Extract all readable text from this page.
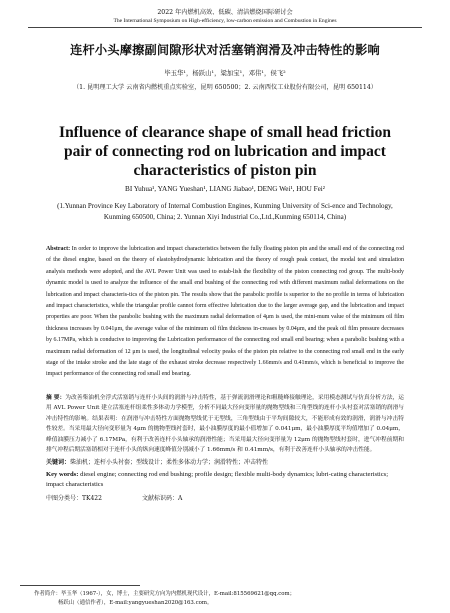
2022 年内燃机高效、低碳、清洁燃烧国际研讨会
The International Symposium on High-efficiency, low-carbon emission and Combustion in Engines
连杆小头摩擦副间隙形状对活塞销润滑及冲击特性的影响
毕玉华¹，杨跃山¹，粱加宝¹，邓伟¹，侯飞²
（1. 昆明理工大学 云南省内燃机重点实验室，昆明 650500；2. 云南西仪工业股份有限公司，昆明 650114）
Influence of clearance shape of small head friction pair of connecting rod on lubrication and impact characteristics of piston pin
BI Yuhua¹, YANG Yueshan¹, LIANG Jiabao¹, DENG Wei¹, HOU Fei²
(1.Yunnan Province Key Laboratory of Internal Combustion Engines, Kunming University of Sci-ence and Technology, Kunming 650500, China; 2. Yunnan Xiyi Industrial Co.,Ltd.,Kunming 650114, China)
Abstract: In order to improve the lubrication and impact characteristics between the fully floating piston pin and the small end of the connecting rod of the diesel engine, based on the theory of elastohydrodynamic lubrication and the theory of rough peak contact, the modal test and simulation analysis methods were adopted, and the AVL Power Unit was used to estab-lish the flexibility of the piston connecting rod group. The multi-body dynamic model is used to analyze the influence of the small end bushing of the connecting rod with different maximum radial deformations on the lubrication and impact characteris-tics of the piston pin. The results show that the parabolic profile is superior to the no profile in terms of lubrication and impact characteristics, while the triangular profile cannot form effective lubrication due to the larger average gap, and the lubrication and impact properties are poor. When the parabolic bushing with the maximum radial deformation of 4μm is used, the mini-mum value of the minimum oil film thickness increases by 0.041μm, the average value of the minimum oil film thickness in-creases by 0.04μm, and the peak oil film pressure decreases by 6.17MPa, which is conducive to improving the Lubrication performance of the connecting rod small end bearing; when a parabolic bushing with a maximum radial deformation of 12 μm is used, the longitudinal velocity peaks of the piston pin relative to the connecting rod small end in the early stage of the intake stroke and the late stage of the exhaust stroke decrease respectively 1.66mm/s and 0.41mm/s, which is beneficial to improve the impact performance of the connecting rod small end bearing.
摘 要：为改善柴油机全浮式活塞销与连杆小头间的润滑与冲击特性，基于弹流润滑理论和粗糙峰接触理论，采用模态测试与仿真分析方法，运用 AVL Power Unit 建立活塞连杆组柔性多体动力学模型，分析不同最大径向变形量的抛物型线和三角型线的连杆小头衬套对活塞销的润滑与冲击特性的影响。结果表明：在润滑与冲击特性方面抛物型线优于无型线，三角型线由于平均间隙较大，不能形成有效的润滑，润滑与冲击特性较差。当采用最大径向变形量为 4μm 的抛物型线衬套时，最小油膜厚度的最小值增加了 0.041μm，最小油膜厚度平均值增加了 0.04μm，峰值油膜压力减小了 6.17MPa，有利于改善连杆小头轴承的润滑性能；当采用最大径向变形量为 12μm 的抛物型线衬套时，进气冲程前期和排气冲程后期活塞销相对于连杆小头的纵向速度峰值分别减小了 1.66mm/s 和 0.41mm/s，有利于改善连杆小头轴承的冲击性能。
关键词：柴油机；连杆小头衬套；型线设计；柔性多体动力学；润滑特性；冲击特性
Key words: diesel engine; connecting rod end bushing; profile design; flexible multi-body dynamics; lubri-cating characteristics; impact characteristics
中图分类号：TK422	文献标识码：A
作者简介：毕玉华（1967-），女，博士，主要研究方向为内燃机现代设计，E-mail:815569621@qq.com；
杨跃山（通信作者），E-mail:yangyueshan2020@163.com。
